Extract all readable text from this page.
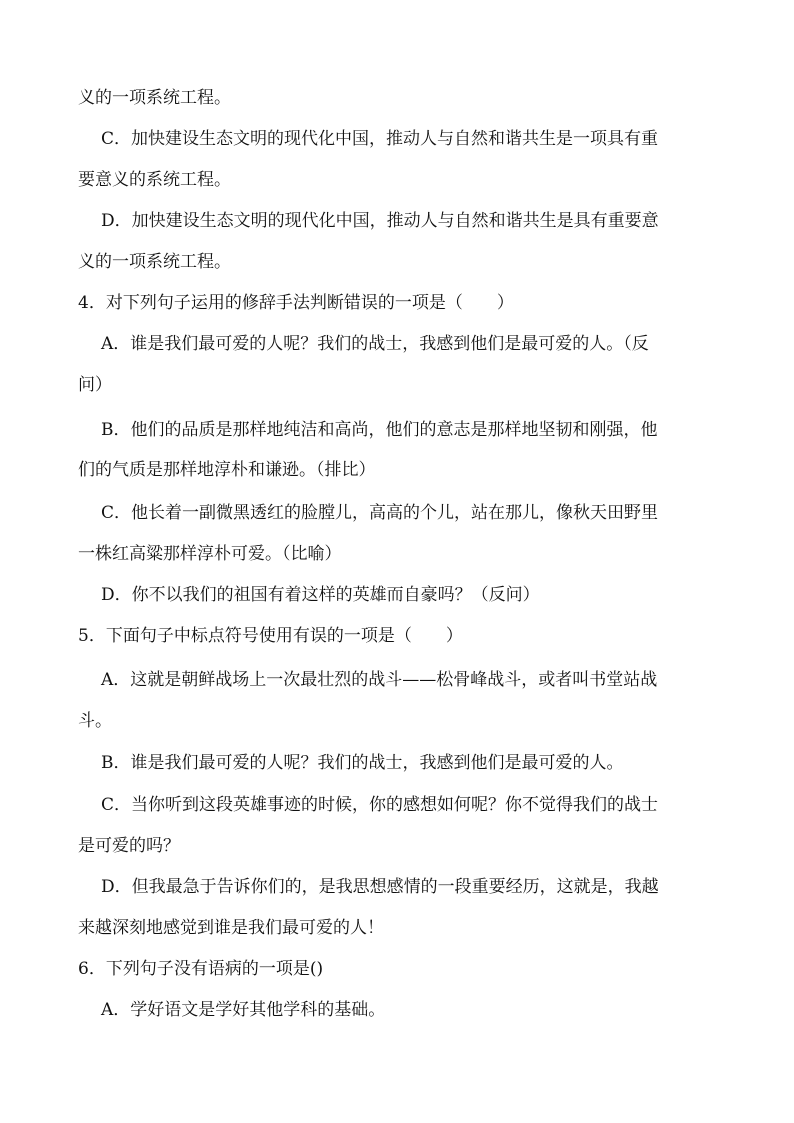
义的一项系统工程。
C．加快建设生态文明的现代化中国，推动人与自然和谐共生是一项具有重
要意义的系统工程。
D．加快建设生态文明的现代化中国，推动人与自然和谐共生是具有重要意
义的一项系统工程。
4．对下列句子运用的修辞手法判断错误的一项是（　　）
A．谁是我们最可爱的人呢？我们的战士，我感到他们是最可爱的人。（反
问）
B．他们的品质是那样地纯洁和高尚，他们的意志是那样地坚韧和刚强，他
们的气质是那样地淳朴和谦逊。（排比）
C．他长着一副微黑透红的脸膛儿，高高的个儿，站在那儿，像秋天田野里
一株红高粱那样淳朴可爱。（比喻）
D．你不以我们的祖国有着这样的英雄而自豪吗？（反问）
5．下面句子中标点符号使用有误的一项是（　　）
A．这就是朝鲜战场上一次最壮烈的战斗——松骨峰战斗，或者叫书堂站战
斗。
B．谁是我们最可爱的人呢？我们的战士，我感到他们是最可爱的人。
C．当你听到这段英雄事迹的时候，你的感想如何呢？你不觉得我们的战士
是可爱的吗？
D．但我最急于告诉你们的，是我思想感情的一段重要经历，这就是，我越
来越深刻地感觉到谁是我们最可爱的人！
6．下列句子没有语病的一项是()
A．学好语文是学好其他学科的基础。
